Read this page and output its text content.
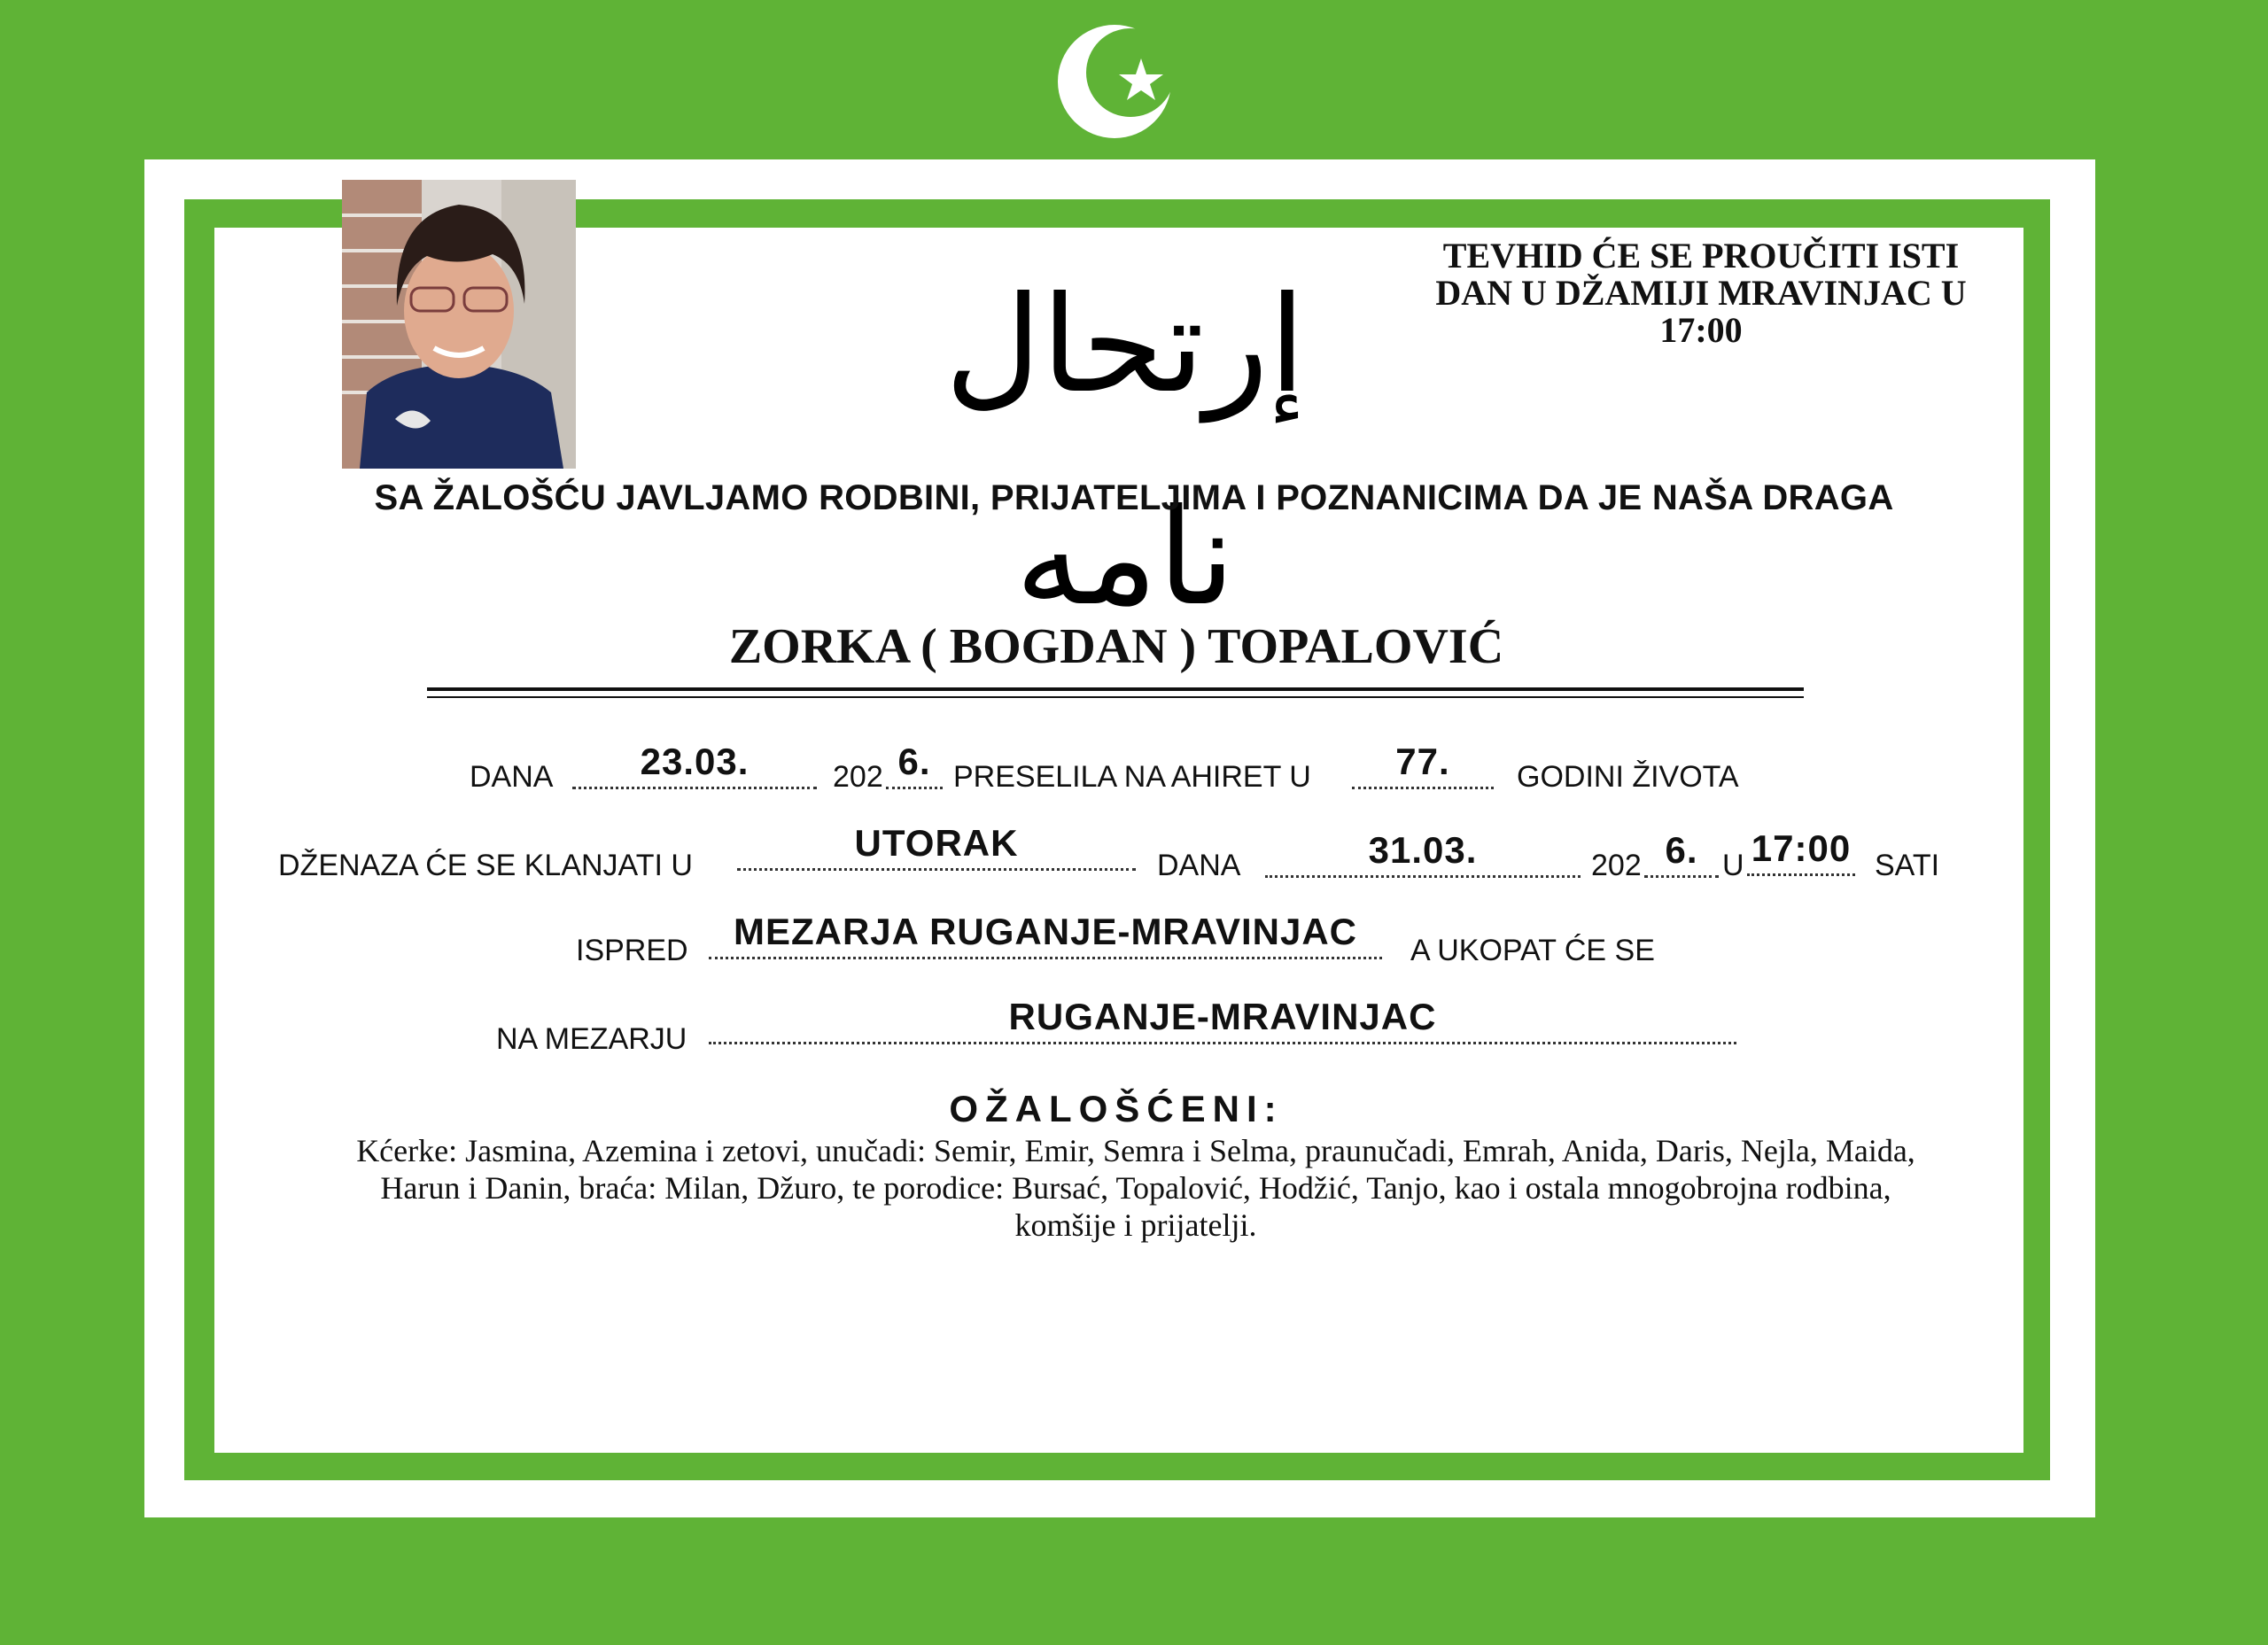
إرتحال نامه
TEVHID ĆE SE PROUČITI ISTI
DAN U DŽAMIJI MRAVINJAC U
17:00
SA ŽALOŠĆU JAVLJAMO RODBINI, PRIJATELJIMA I POZNANICIMA DA JE NAŠA DRAGA
ZORKA ( BOGDAN ) TOPALOVIĆ
DANA	23.03.	202 6. PRESELILA NA AHIRET U	77.	GODINI ŽIVOTA
DŽENAZA ĆE SE KLANJATI U
UTORAK
DANA	31.03.	202 6. U 17:00 SATI
ISPRED	MEZARJA RUGANJE-MRAVINJAC	A UKOPAT ĆE SE
NA MEZARJU
RUGANJE-MRAVINJAC
OŽALOŠĆENI:
Kćerke: Jasmina, Azemina i zetovi, unučadi: Semir, Emir, Semra i Selma, praunučadi, Emrah, Anida, Daris, Nejla, Maida,
Harun i Danin, braća: Milan, Džuro, te porodice: Bursać, Topalović, Hodžić, Tanjo, kao i ostala mnogobrojna rodbina,
komšije i prijatelji.
